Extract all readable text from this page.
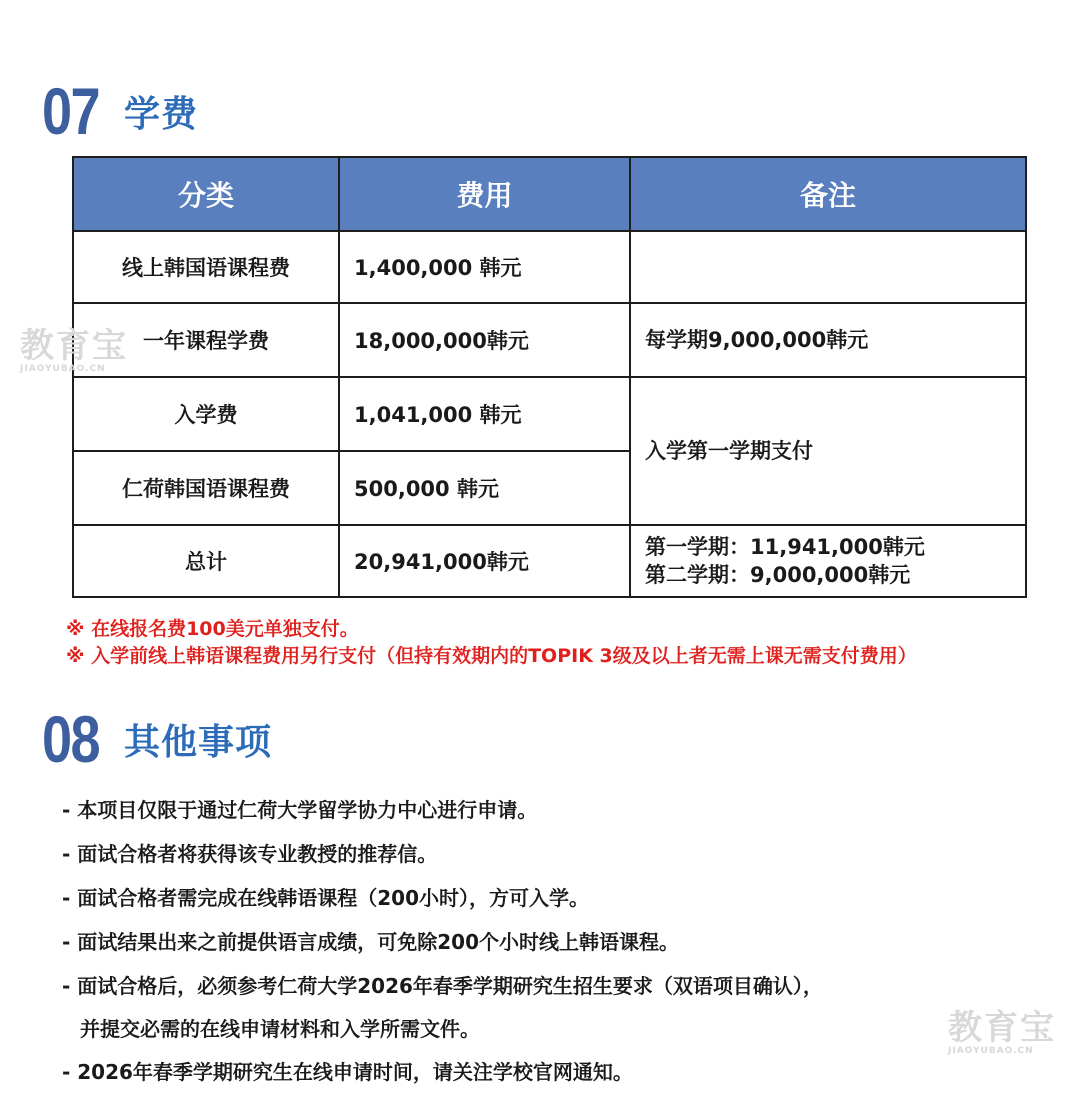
07 学费
分类	费用	备注
线上韩国语课程费	1,400,000 韩元	
一年课程学费	18,000,000韩元	每学期9,000,000韩元
入学费	1,041,000 韩元	入学第一学期支付
仁荷韩国语课程费	500,000 韩元	
总计	20,941,000韩元	第一学期：11,941,000韩元
第二学期：9,000,000韩元
※ 在线报名费100美元单独支付。
※ 入学前线上韩语课程费用另行支付（但持有效期内的TOPIK 3级及以上者无需上课无需支付费用）
08 其他事项
- 本项目仅限于通过仁荷大学留学协力中心进行申请。
- 面试合格者将获得该专业教授的推荐信。
- 面试合格者需完成在线韩语课程（200小时），方可入学。
- 面试结果出来之前提供语言成绩，可免除200个小时线上韩语课程。
- 面试合格后，必须参考仁荷大学2026年春季学期研究生招生要求（双语项目确认），
并提交必需的在线申请材料和入学所需文件。
- 2026年春季学期研究生在线申请时间，请关注学校官网通知。
教育宝
JIAOYUBAO.CN
教育宝
JIAOYUBAO.CN
